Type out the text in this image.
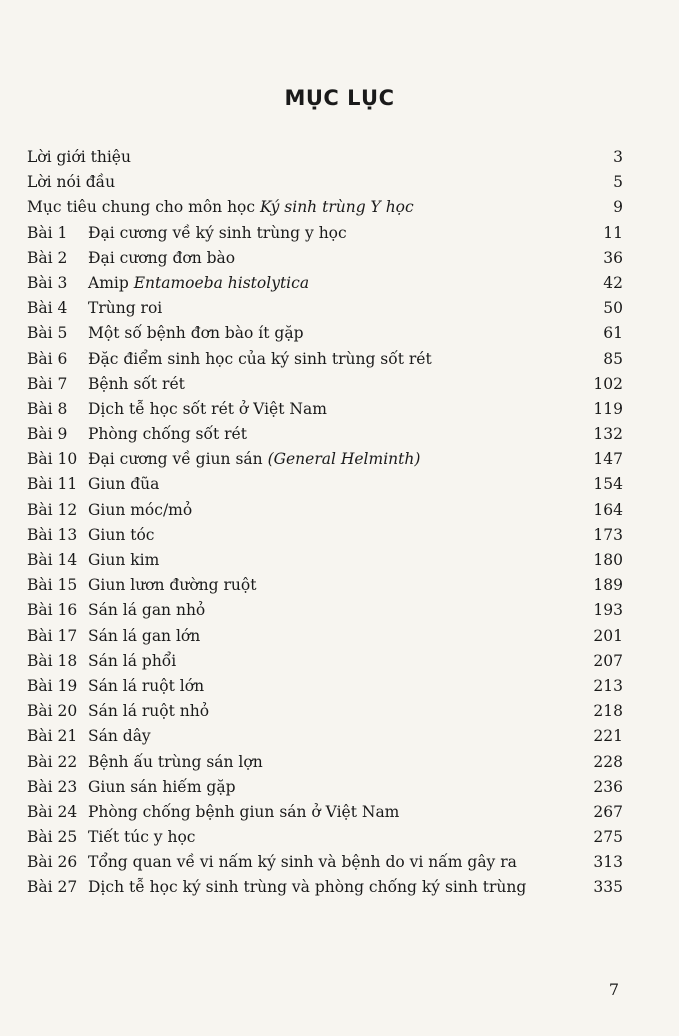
MỤC LỤC
Lời giới thiệu	3
Lời nói đầu	5
Mục tiêu chung cho môn học Ký sinh trùng Y học	9
Bài 1 Đại cương về ký sinh trùng y học	11
Bài 2 Đại cương đơn bào	36
Bài 3 Amip Entamoeba histolytica	42
Bài 4 Trùng roi	50
Bài 5 Một số bệnh đơn bào ít gặp	61
Bài 6 Đặc điểm sinh học của ký sinh trùng sốt rét	85
Bài 7 Bệnh sốt rét	102
Bài 8 Dịch tễ học sốt rét ở Việt Nam	119
Bài 9 Phòng chống sốt rét	132
Bài 10 Đại cương về giun sán (General Helminth)	147
Bài 11 Giun đũa	154
Bài 12 Giun móc/mỏ	164
Bài 13 Giun tóc	173
Bài 14 Giun kim	180
Bài 15 Giun lươn đường ruột	189
Bài 16 Sán lá gan nhỏ	193
Bài 17 Sán lá gan lớn	201
Bài 18 Sán lá phổi	207
Bài 19 Sán lá ruột lớn	213
Bài 20 Sán lá ruột nhỏ	218
Bài 21 Sán dây	221
Bài 22 Bệnh ấu trùng sán lợn	228
Bài 23 Giun sán hiếm gặp	236
Bài 24 Phòng chống bệnh giun sán ở Việt Nam	267
Bài 25 Tiết túc y học	275
Bài 26 Tổng quan về vi nấm ký sinh và bệnh do vi nấm gây ra	313
Bài 27 Dịch tễ học ký sinh trùng và phòng chống ký sinh trùng	335
7
